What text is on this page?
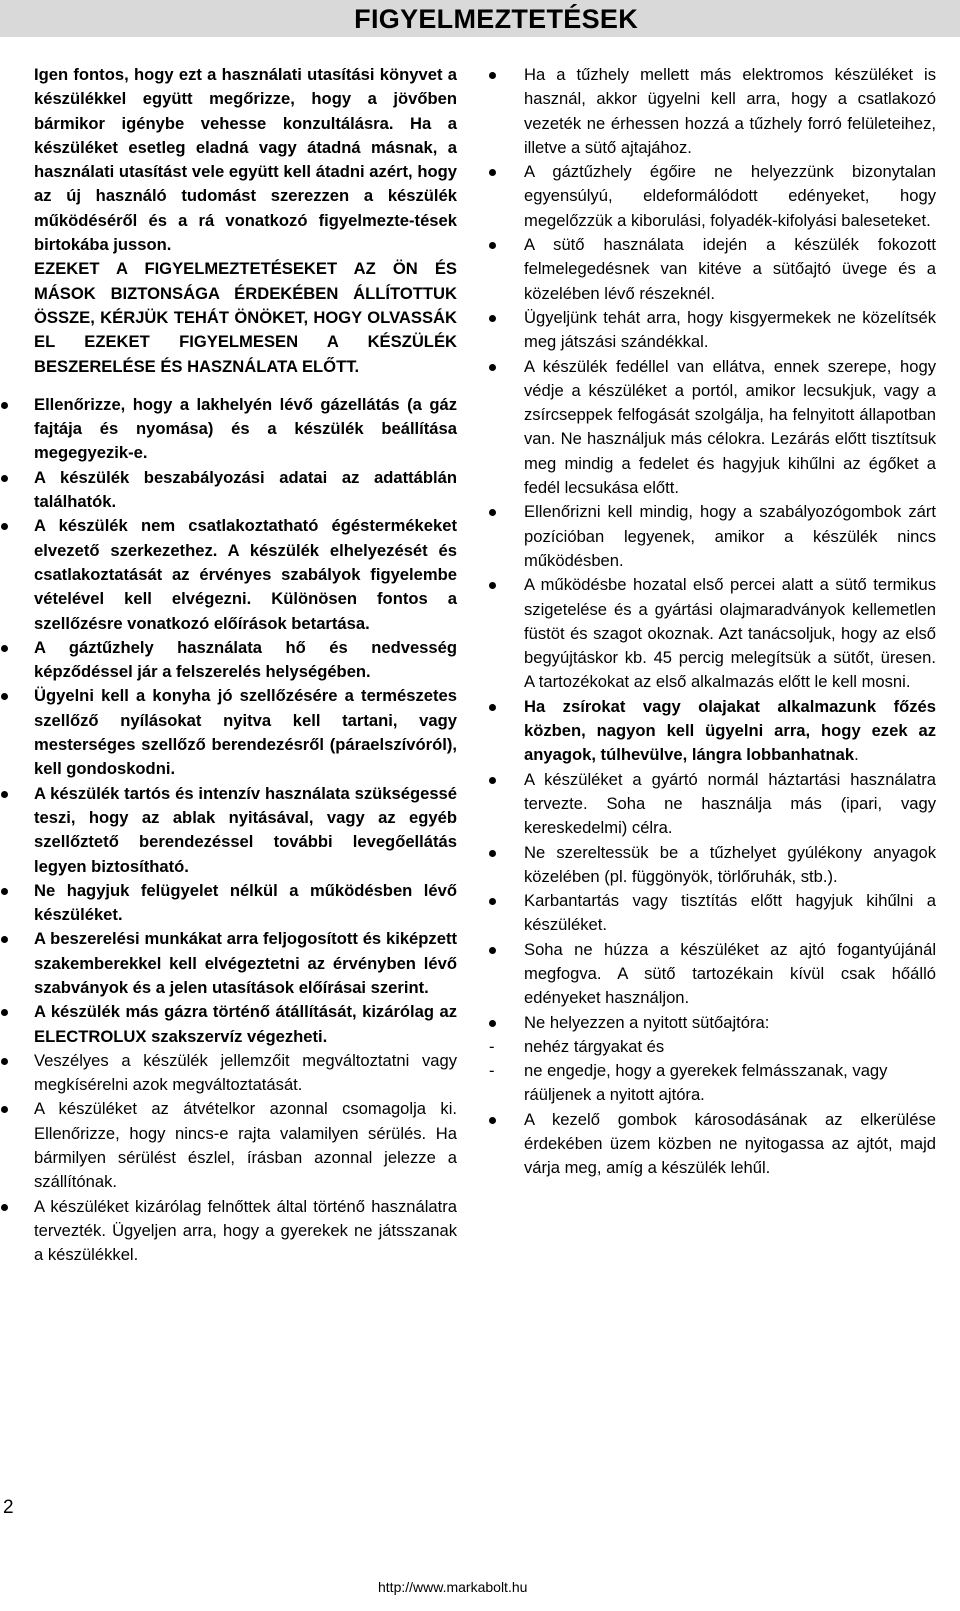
FIGYELMEZTETÉSEK

Igen fontos, hogy ezt a használati utasítási könyvet a készülékkel együtt megőrizze, hogy a jövőben bármikor igénybe vehesse konzultálásra. Ha a készüléket esetleg eladná vagy átadná másnak, a használati utasítást vele együtt kell átadni azért, hogy az új használó tudomást szerezzen a készülék működéséről és a rá vonatkozó figyelmezte-tések birtokába jusson.

EZEKET A FIGYELMEZTETÉSEKET AZ ÖN ÉS MÁSOK BIZTONSÁGA ÉRDEKÉBEN ÁLLÍTOTTUK ÖSSZE, KÉRJÜK TEHÁT ÖNÖKET, HOGY OLVASSÁK EL EZEKET FIGYELMESEN A KÉSZÜLÉK BESZERELÉSE ÉS HASZNÁLATA ELŐTT.

Ellenőrizze, hogy a lakhelyén lévő gázellátás (a gáz fajtája és nyomása) és a készülék beállítása megegyezik-e.
A készülék beszabályozási adatai az adattáblán találhatók.
A készülék nem csatlakoztatható égéstermékeket elvezető szerkezethez. A készülék elhelyezését és csatlakoztatását az érvényes szabályok figyelembe vételével kell elvégezni. Különösen fontos a szellőzésre vonatkozó előírások betartása.
A gáztűzhely használata hő és nedvesség képződéssel jár a felszerelés helységében.
Ügyelni kell a konyha jó szellőzésére a természetes szellőző nyílásokat nyitva kell tartani, vagy mesterséges szellőző berendezésről (páraelszívóról), kell gondoskodni.
A készülék tartós és intenzív használata szükségessé teszi, hogy az ablak nyitásával, vagy az egyéb szellőztető berendezéssel további levegőellátás legyen biztosítható.
Ne hagyjuk felügyelet nélkül a működésben lévő készüléket.
A beszerelési munkákat arra feljogosított és kiképzett szakemberekkel kell elvégeztetni az érvényben lévő szabványok és a jelen utasítások előírásai szerint.
A készülék más gázra történő átállítását, kizárólag az ELECTROLUX szakszervíz végezheti.
Veszélyes a készülék jellemzőit megváltoztatni vagy megkísérelni azok megváltoztatását.
A készüléket az átvételkor azonnal csomagolja ki. Ellenőrizze, hogy nincs-e rajta valamilyen sérülés. Ha bármilyen sérülést észlel, írásban azonnal jelezze a szállítónak.
A készüléket kizárólag felnőttek által történő használatra tervezték. Ügyeljen arra, hogy a gyerekek ne játsszanak a készülékkel.
Ha a tűzhely mellett más elektromos készüléket is használ, akkor ügyelni kell arra, hogy a csatlakozó vezeték ne érhessen hozzá a tűzhely forró felületeihez, illetve a sütő ajtajához.
A gáztűzhely égőire ne helyezzünk bizonytalan egyensúlyú, eldeformálódott edényeket, hogy megelőzzük a kiborulási, folyadék-kifolyási baleseteket.
A sütő használata idején a készülék fokozott felmelegedésnek van kitéve a sütőajtó üvege és a közelében lévő részeknél.
Ügyeljünk tehát arra, hogy kisgyermekek ne közelítsék meg játszási szándékkal.
A készülék fedéllel van ellátva, ennek szerepe, hogy védje a készüléket a portól, amikor lecsukjuk, vagy a zsírcseppek felfogását szolgálja, ha felnyitott állapotban van. Ne használjuk más célokra. Lezárás előtt tisztítsuk meg mindig a fedelet és hagyjuk kihűlni az égőket a fedél lecsukása előtt.
Ellenőrizni kell mindig, hogy a szabályozógombok zárt pozícióban legyenek, amikor a készülék nincs működésben.
A működésbe hozatal első percei alatt a sütő termikus szigetelése és a gyártási olajmaradványok kellemetlen füstöt és szagot okoznak. Azt tanácsoljuk, hogy az első begyújtáskor kb. 45 percig melegítsük a sütőt, üresen. A tartozékokat az első alkalmazás előtt le kell mosni.
Ha zsírokat vagy olajakat alkalmazunk főzés közben, nagyon kell ügyelni arra, hogy ezek az anyagok, túlhevülve, lángra lobbanhatnak.
A készüléket a gyártó normál háztartási használatra tervezte. Soha ne használja más (ipari, vagy kereskedelmi) célra.
Ne szereltessük be a tűzhelyet gyúlékony anyagok közelében (pl. függönyök, törlőruhák, stb.).
Karbantartás vagy tisztítás előtt hagyjuk kihűlni a készüléket.
Soha ne húzza a készüléket az ajtó fogantyújánál megfogva. A sütő tartozékain kívül csak hőálló edényeket használjon.
Ne helyezzen a nyitott sütőajtóra:
- nehéz tárgyakat és
- ne engedje, hogy a gyerekek felmásszanak, vagy ráüljenek a nyitott ajtóra.
A kezelő gombok károsodásának az elkerülése érdekében üzem közben ne nyitogassa az ajtót, majd várja meg, amíg a készülék lehűl.
2
http://www.markabolt.hu
